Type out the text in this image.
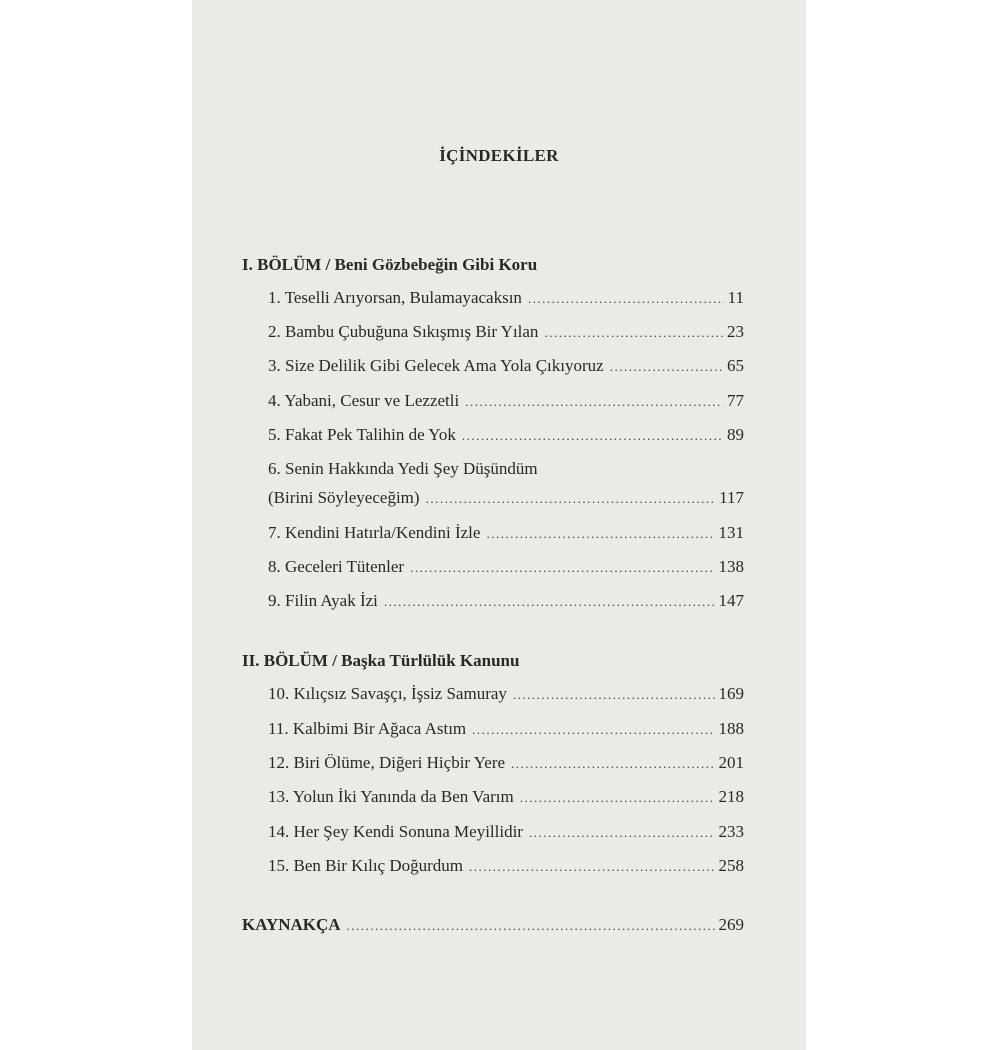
İÇİNDEKİLER
I. BÖLÜM / Beni Gözbebeğin Gibi Koru
1. Teselli Arıyorsan, Bulamayacaksın .....	11
2. Bambu Çubuğuna Sıkışmış Bir Yılan .....	23
3. Size Delilik Gibi Gelecek Ama Yola Çıkıyoruz .....	65
4. Yabani, Cesur ve Lezzetli .....	77
5. Fakat Pek Talihin de Yok .....	89
6. Senin Hakkında Yedi Şey Düşündüm
(Birini Söyleyeceğim) .....	117
7. Kendini Hatırla/Kendini İzle .....	131
8. Geceleri Tütenler .....	138
9. Filin Ayak İzi .....	147
II. BÖLÜM / Başka Türlülük Kanunu
10. Kılıçsız Savaşçı, İşsiz Samuray .....	169
11. Kalbimi Bir Ağaca Astım .....	188
12. Biri Ölüme, Diğeri Hiçbir Yere .....	201
13. Yolun İki Yanında da Ben Varım .....	218
14. Her Şey Kendi Sonuna Meyillidir .....	233
15. Ben Bir Kılıç Doğurdum .....	258
KAYNAKÇA .....	269
